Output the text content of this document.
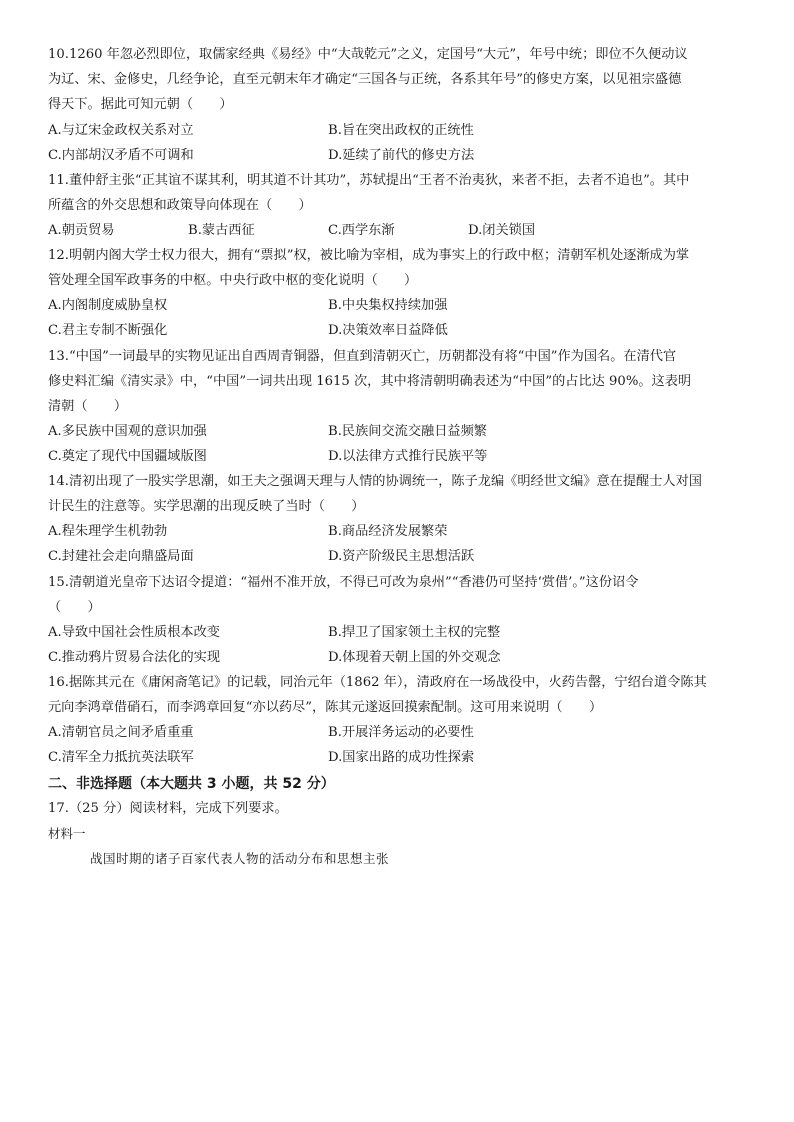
10.1260 年忽必烈即位，取儒家经典《易经》中“大哉乾元”之义，定国号“大元”，年号中统；即位不久便动议
为辽、宋、金修史，几经争论，直至元朝末年才确定“三国各与正统，各系其年号”的修史方案，以见祖宗盛德
得天下。据此可知元朝（　　）
A.与辽宋金政权关系对立	B.旨在突出政权的正统性
C.内部胡汉矛盾不可调和	D.延续了前代的修史方法
11.董仲舒主张“正其谊不谋其利，明其道不计其功”，苏轼提出“王者不治夷狄，来者不拒，去者不追也”。其中
所蕴含的外交思想和政策导向体现在（　　）
A.朝贡贸易	B.蒙古西征	C.西学东渐	D.闭关锁国
12.明朝内阁大学士权力很大，拥有“票拟”权，被比喻为宰相，成为事实上的行政中枢；清朝军机处逐渐成为掌
管处理全国军政事务的中枢。中央行政中枢的变化说明（　　）
A.内阁制度威胁皇权	B.中央集权持续加强
C.君主专制不断强化	D.决策效率日益降低
13.“中国”一词最早的实物见证出自西周青铜器，但直到清朝灭亡，历朝都没有将“中国”作为国名。在清代官
修史料汇编《清实录》中，“中国”一词共出现 1615 次，其中将清朝明确表述为“中国”的占比达 90%。这表明
清朝（　　）
A.多民族中国观的意识加强	B.民族间交流交融日益频繁
C.奠定了现代中国疆域版图	D.以法律方式推行民族平等
14.清初出现了一股实学思潮，如王夫之强调天理与人情的协调统一，陈子龙编《明经世文编》意在提醒士人对国
计民生的注意等。实学思潮的出现反映了当时（　　）
A.程朱理学生机勃勃	B.商品经济发展繁荣
C.封建社会走向鼎盛局面	D.资产阶级民主思想活跃
15.清朝道光皇帝下达诏令提道：“福州不准开放，不得已可改为泉州”“香港仍可坚持‘赏借’。”这份诏令
（　　）
A.导致中国社会性质根本改变	B.捍卫了国家领土主权的完整
C.推动鸦片贸易合法化的实现	D.体现着天朝上国的外交观念
16.据陈其元在《庸闲斋笔记》的记载，同治元年（1862 年），清政府在一场战役中，火药告罄，宁绍台道令陈其
元向李鸿章借硝石，而李鸿章回复“亦以药尽”，陈其元遂返回摸索配制。这可用来说明（　　）
A.清朝官员之间矛盾重重	B.开展洋务运动的必要性
C.清军全力抵抗英法联军	D.国家出路的成功性探索
二、非选择题（本大题共 3 小题，共 52 分）
17.（25 分）阅读材料，完成下列要求。
材料一
战国时期的诸子百家代表人物的活动分布和思想主张
